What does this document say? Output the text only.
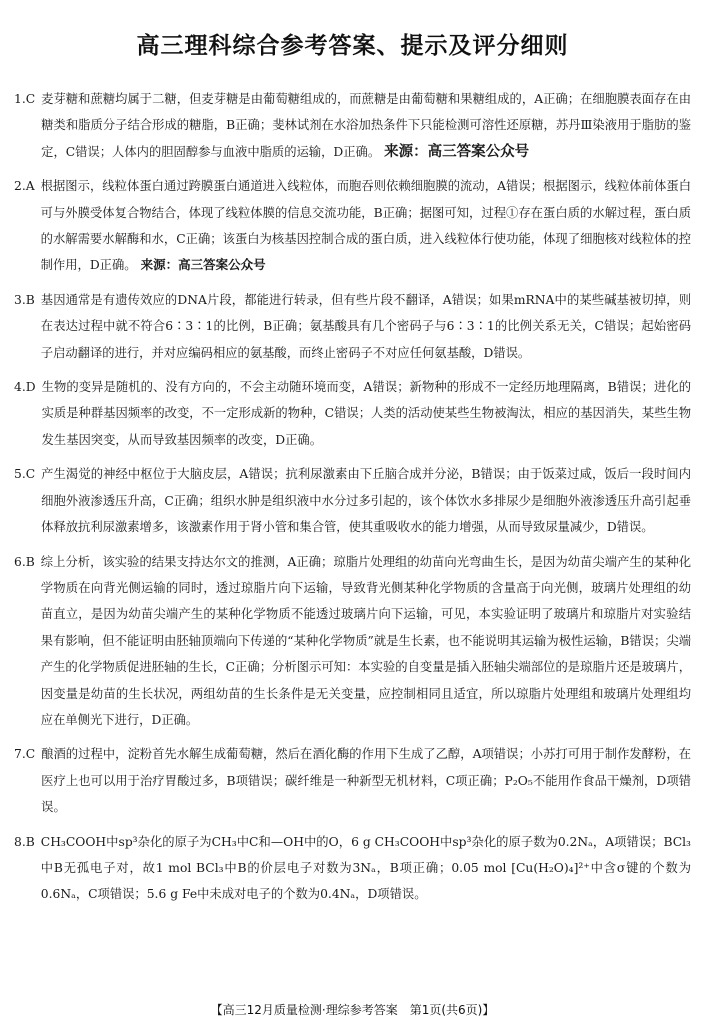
高三理科综合参考答案、提示及评分细则
1.C 麦芽糖和蔗糖均属于二糖，但麦芽糖是由葡萄糖组成的，而蔗糖是由葡萄糖和果糖组成的，A正确；在细胞膜表面存在由糖类和脂质分子结合形成的糖脂，B正确；斐林试剂在水浴加热条件下只能检测可溶性还原糖，苏丹Ⅲ染液用于脂肪的鉴定，C错误；人体内的胆固醇参与血液中脂质的运输，D正确。 来源：高三答案公众号
2.A 根据图示，线粒体蛋白通过跨膜蛋白通道进入线粒体，而胞吞则依赖细胞膜的流动，A错误；根据图示，线粒体前体蛋白可与外膜受体复合物结合，体现了线粒体膜的信息交流功能，B正确；据图可知，过程①存在蛋白质的水解过程，蛋白质的水解需要水解酶和水，C正确；该蛋白为核基因控制合成的蛋白质，进入线粒体行使功能，体现了细胞核对线粒体的控制作用，D正确。 来源：高三答案公众号
3.B 基因通常是有遗传效应的DNA片段，都能进行转录，但有些片段不翻译，A错误；如果mRNA中的某些碱基被切掉，则在表达过程中就不符合6∶3∶1的比例，B正确；氨基酸具有几个密码子与6∶3∶1的比例关系无关，C错误；起始密码子启动翻译的进行，并对应编码相应的氨基酸，而终止密码子不对应任何氨基酸，D错误。
4.D 生物的变异是随机的、没有方向的，不会主动随环境而变，A错误；新物种的形成不一定经历地理隔离，B错误；进化的实质是种群基因频率的改变，不一定形成新的物种，C错误；人类的活动使某些生物被淘汰，相应的基因消失，某些生物发生基因突变，从而导致基因频率的改变，D正确。
5.C 产生渴觉的神经中枢位于大脑皮层，A错误；抗利尿激素由下丘脑合成并分泌，B错误；由于饭菜过咸，饭后一段时间内细胞外液渗透压升高，C正确；组织水肿是组织液中水分过多引起的，该个体饮水多排尿少是细胞外液渗透压升高引起垂体释放抗利尿激素增多，该激素作用于肾小管和集合管，使其重吸收水的能力增强，从而导致尿量减少，D错误。
6.B 综上分析，该实验的结果支持达尔文的推测，A正确；琼脂片处理组的幼苗向光弯曲生长，是因为幼苗尖端产生的某种化学物质在向背光侧运输的同时，透过琼脂片向下运输，导致背光侧某种化学物质的含量高于向光侧，玻璃片处理组的幼苗直立，是因为幼苗尖端产生的某种化学物质不能透过玻璃片向下运输，可见，本实验证明了玻璃片和琼脂片对实验结果有影响，但不能证明由胚轴顶端向下传递的“某种化学物质”就是生长素，也不能说明其运输为极性运输，B错误；尖端产生的化学物质促进胚轴的生长，C正确；分析图示可知：本实验的自变量是插入胚轴尖端部位的是琼脂片还是玻璃片，因变量是幼苗的生长状况，两组幼苗的生长条件是无关变量，应控制相同且适宜，所以琼脂片处理组和玻璃片处理组均应在单侧光下进行，D正确。
7.C 酿酒的过程中，淀粉首先水解生成葡萄糖，然后在酒化酶的作用下生成了乙醇，A项错误；小苏打可用于制作发酵粉，在医疗上也可以用于治疗胃酸过多，B项错误；碳纤维是一种新型无机材料，C项正确；P₂O₅不能用作食品干燥剂，D项错误。
8.B CH₃COOH中sp³杂化的原子为CH₃中C和—OH中的O，6 g CH₃COOH中sp³杂化的原子数为0.2Nₐ，A项错误；BCl₃中B无孤电子对，故1 mol BCl₃中B的价层电子对数为3Nₐ，B项正确；0.05 mol [Cu(H₂O)₄]²⁺中含σ键的个数为0.6Nₐ，C项错误；5.6 g Fe中未成对电子的个数为0.4Nₐ，D项错误。
【高三12月质量检测·理综参考答案　第1页(共6页)】
